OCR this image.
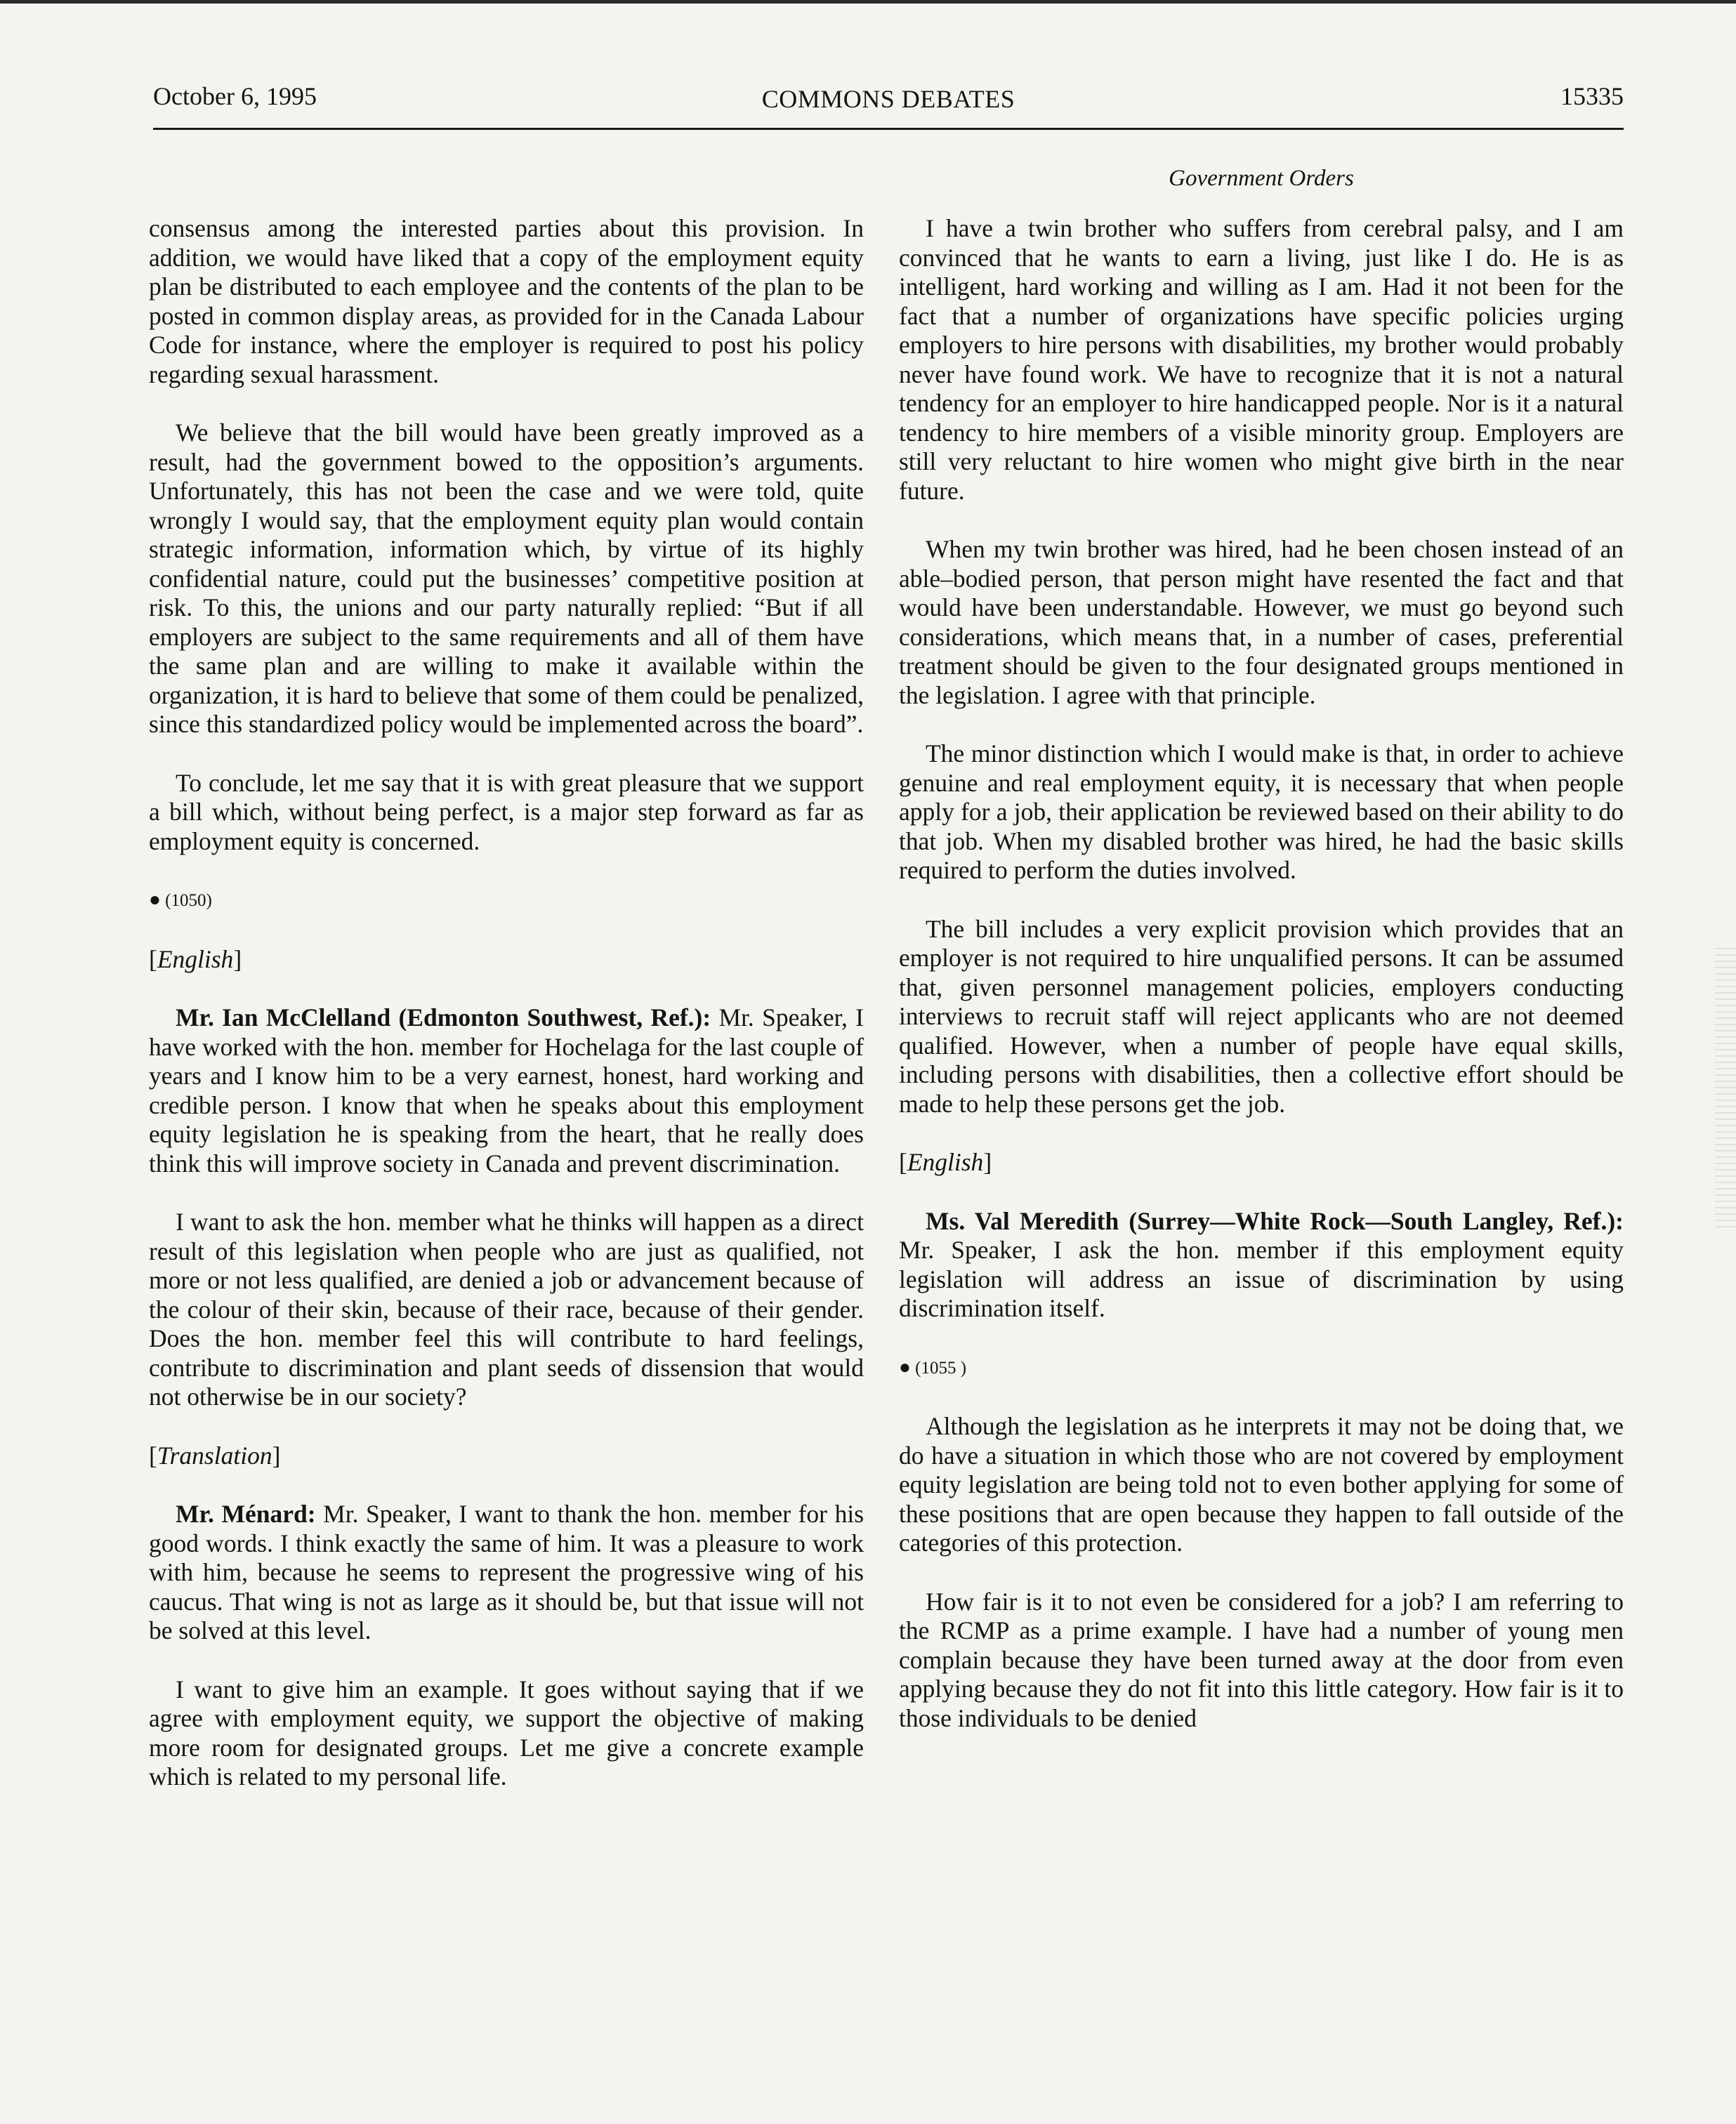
October 6, 1995	COMMONS DEBATES	15335
Government Orders

consensus among the interested parties about this provision. In addition, we would have liked that a copy of the employment equity plan be distributed to each employee and the contents of the plan to be posted in common display areas, as provided for in the Canada Labour Code for instance, where the employer is required to post his policy regarding sexual harassment.

We believe that the bill would have been greatly improved as a result, had the government bowed to the opposition’s arguments. Unfortunately, this has not been the case and we were told, quite wrongly I would say, that the employment equity plan would contain strategic information, information which, by virtue of its highly confidential nature, could put the businesses’ competitive position at risk. To this, the unions and our party naturally replied: “But if all employers are subject to the same requirements and all of them have the same plan and are willing to make it available within the organization, it is hard to believe that some of them could be penalized, since this standardized policy would be implemented across the board”.

To conclude, let me say that it is with great pleasure that we support a bill which, without being perfect, is a major step forward as far as employment equity is concerned.

● (1050)
[English]

Mr. Ian McClelland (Edmonton Southwest, Ref.): Mr. Speaker, I have worked with the hon. member for Hochelaga for the last couple of years and I know him to be a very earnest, honest, hard working and credible person. I know that when he speaks about this employment equity legislation he is speaking from the heart, that he really does think this will improve society in Canada and prevent discrimination.

I want to ask the hon. member what he thinks will happen as a direct result of this legislation when people who are just as qualified, not more or not less qualified, are denied a job or advancement because of the colour of their skin, because of their race, because of their gender. Does the hon. member feel this will contribute to hard feelings, contribute to discrimination and plant seeds of dissension that would not otherwise be in our society?

[Translation]

Mr. Ménard: Mr. Speaker, I want to thank the hon. member for his good words. I think exactly the same of him. It was a pleasure to work with him, because he seems to represent the progressive wing of his caucus. That wing is not as large as it should be, but that issue will not be solved at this level.

I want to give him an example. It goes without saying that if we agree with employment equity, we support the objective of making more room for designated groups. Let me give a concrete example which is related to my personal life.

I have a twin brother who suffers from cerebral palsy, and I am convinced that he wants to earn a living, just like I do. He is as intelligent, hard working and willing as I am. Had it not been for the fact that a number of organizations have specific policies urging employers to hire persons with disabilities, my brother would probably never have found work. We have to recognize that it is not a natural tendency for an employer to hire handicapped people. Nor is it a natural tendency to hire members of a visible minority group. Employers are still very reluctant to hire women who might give birth in the near future.

When my twin brother was hired, had he been chosen instead of an able–bodied person, that person might have resented the fact and that would have been understandable. However, we must go beyond such considerations, which means that, in a number of cases, preferential treatment should be given to the four designated groups mentioned in the legislation. I agree with that principle.

The minor distinction which I would make is that, in order to achieve genuine and real employment equity, it is necessary that when people apply for a job, their application be reviewed based on their ability to do that job. When my disabled brother was hired, he had the basic skills required to perform the duties involved.

The bill includes a very explicit provision which provides that an employer is not required to hire unqualified persons. It can be assumed that, given personnel management policies, employers conducting interviews to recruit staff will reject applicants who are not deemed qualified. However, when a number of people have equal skills, including persons with disabilities, then a collective effort should be made to help these persons get the job.

[English]

Ms. Val Meredith (Surrey—White Rock—South Langley, Ref.): Mr. Speaker, I ask the hon. member if this employment equity legislation will address an issue of discrimination by using discrimination itself.

● (1055 )

Although the legislation as he interprets it may not be doing that, we do have a situation in which those who are not covered by employment equity legislation are being told not to even bother applying for some of these positions that are open because they happen to fall outside of the categories of this protection.

How fair is it to not even be considered for a job? I am referring to the RCMP as a prime example. I have had a number of young men complain because they have been turned away at the door from even applying because they do not fit into this little category. How fair is it to those individuals to be denied
